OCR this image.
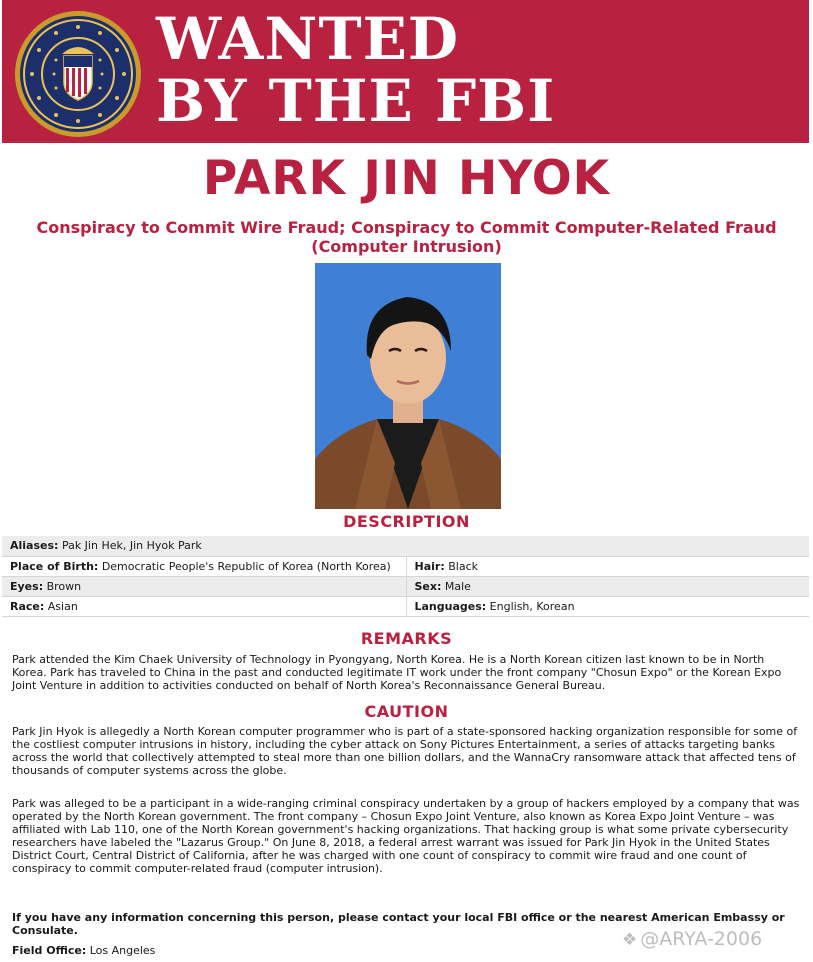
WANTED
BY THE FBI
PARK JIN HYOK
Conspiracy to Commit Wire Fraud; Conspiracy to Commit Computer-Related Fraud (Computer Intrusion)
DESCRIPTION
Aliases: Pak Jin Hek, Jin Hyok Park	
Place of Birth: Democratic People's Republic of Korea (North Korea)	Hair: Black
Eyes: Brown	Sex: Male
Race: Asian	Languages: English, Korean
REMARKS
Park attended the Kim Chaek University of Technology in Pyongyang, North Korea. He is a North Korean citizen last known to be in North Korea. Park has traveled to China in the past and conducted legitimate IT work under the front company "Chosun Expo" or the Korean Expo Joint Venture in addition to activities conducted on behalf of North Korea's Reconnaissance General Bureau.
CAUTION
Park Jin Hyok is allegedly a North Korean computer programmer who is part of a state-sponsored hacking organization responsible for some of the costliest computer intrusions in history, including the cyber attack on Sony Pictures Entertainment, a series of attacks targeting banks across the world that collectively attempted to steal more than one billion dollars, and the WannaCry ransomware attack that affected tens of thousands of computer systems across the globe.
Park was alleged to be a participant in a wide-ranging criminal conspiracy undertaken by a group of hackers employed by a company that was operated by the North Korean government. The front company – Chosun Expo Joint Venture, also known as Korea Expo Joint Venture – was affiliated with Lab 110, one of the North Korean government's hacking organizations. That hacking group is what some private cybersecurity researchers have labeled the "Lazarus Group." On June 8, 2018, a federal arrest warrant was issued for Park Jin Hyok in the United States District Court, Central District of California, after he was charged with one count of conspiracy to commit wire fraud and one count of conspiracy to commit computer-related fraud (computer intrusion).
If you have any information concerning this person, please contact your local FBI office or the nearest American Embassy or Consulate.
Field Office: Los Angeles
❖ @ARYA-2006
